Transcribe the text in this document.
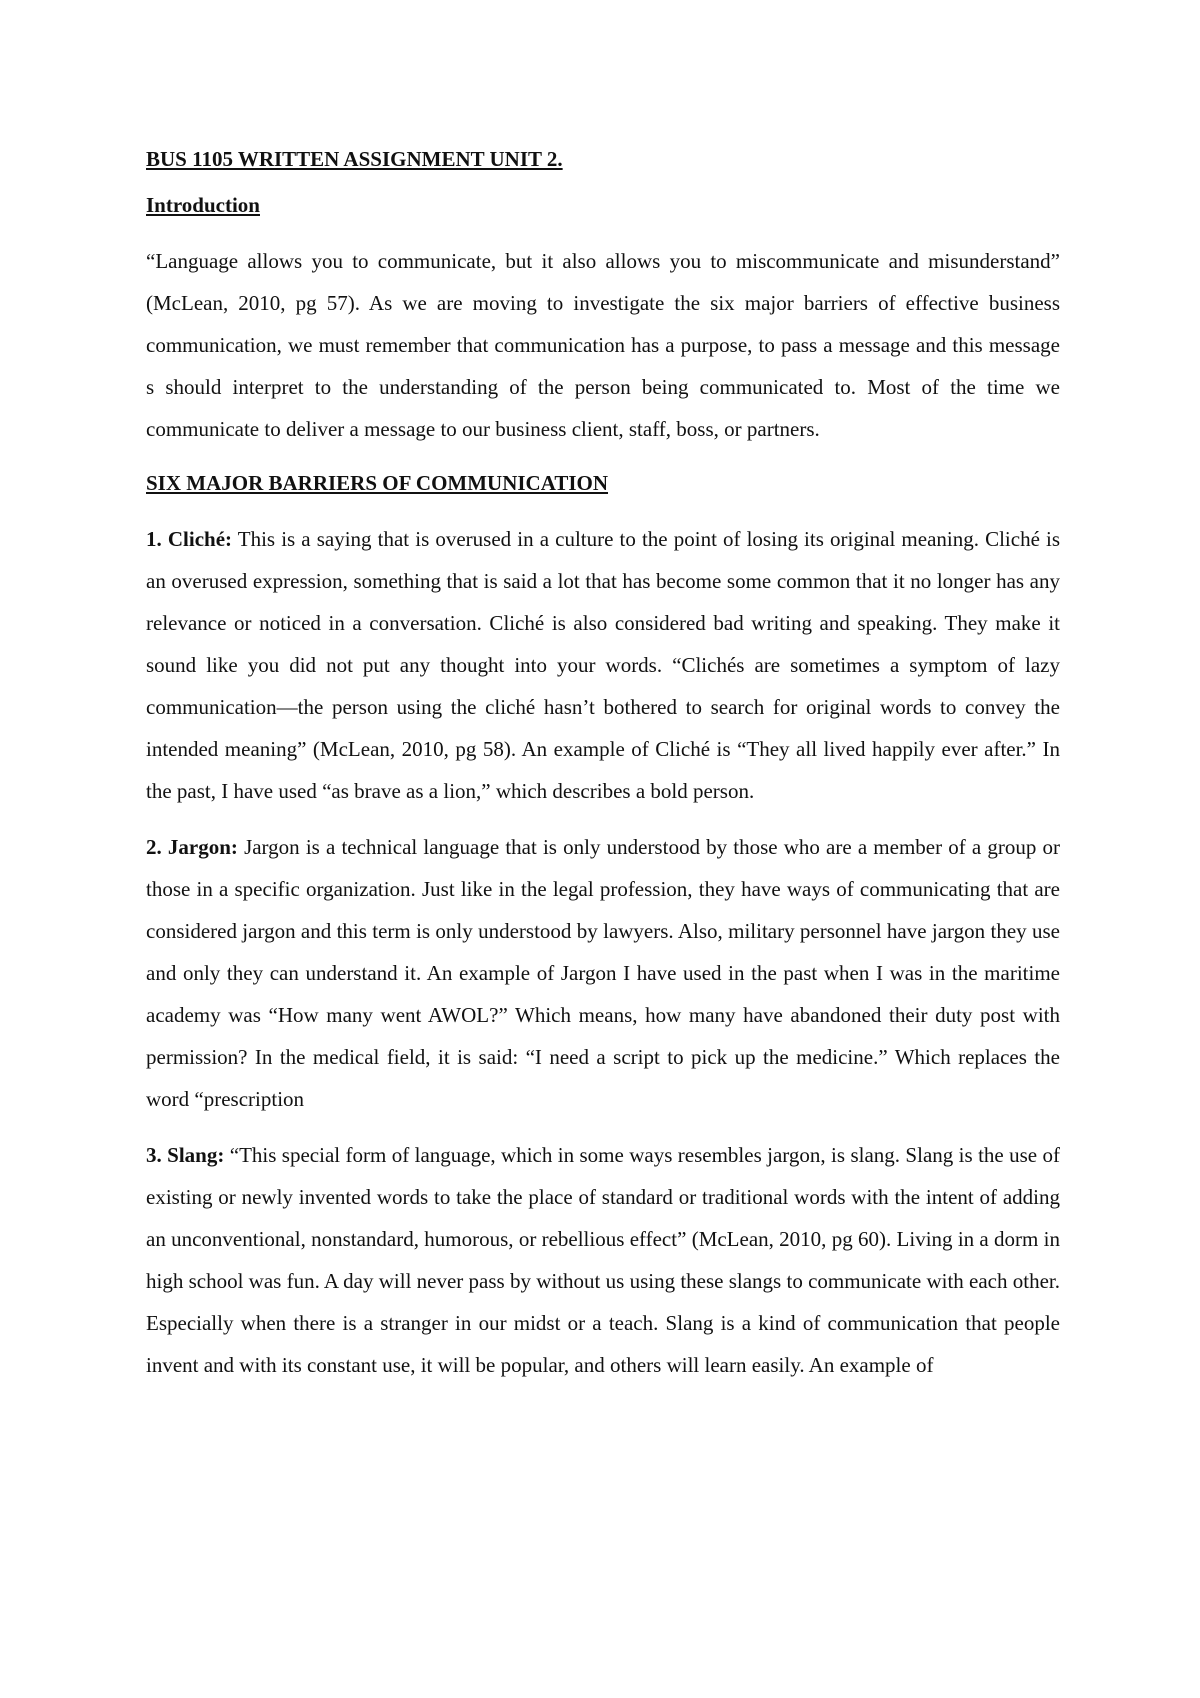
BUS 1105 WRITTEN ASSIGNMENT UNIT 2.

Introduction

“Language allows you to communicate, but it also allows you to miscommunicate and misunderstand” (McLean, 2010, pg 57). As we are moving to investigate the six major barriers of effective business communication, we must remember that communication has a purpose, to pass a message and this message s should interpret to the understanding of the person being communicated to. Most of the time we communicate to deliver a message to our business client, staff, boss, or partners.

SIX MAJOR BARRIERS OF COMMUNICATION

1. Cliché: This is a saying that is overused in a culture to the point of losing its original meaning. Cliché is an overused expression, something that is said a lot that has become some common that it no longer has any relevance or noticed in a conversation. Cliché is also considered bad writing and speaking. They make it sound like you did not put any thought into your words. “Clichés are sometimes a symptom of lazy communication—the person using the cliché hasn’t bothered to search for original words to convey the intended meaning” (McLean, 2010, pg 58). An example of Cliché is “They all lived happily ever after.” In the past, I have used “as brave as a lion,” which describes a bold person.

2. Jargon: Jargon is a technical language that is only understood by those who are a member of a group or those in a specific organization. Just like in the legal profession, they have ways of communicating that are considered jargon and this term is only understood by lawyers. Also, military personnel have jargon they use and only they can understand it. An example of Jargon I have used in the past when I was in the maritime academy was “How many went AWOL?” Which means, how many have abandoned their duty post with permission? In the medical field, it is said: “I need a script to pick up the medicine.” Which replaces the word “prescription

3. Slang: “This special form of language, which in some ways resembles jargon, is slang. Slang is the use of existing or newly invented words to take the place of standard or traditional words with the intent of adding an unconventional, nonstandard, humorous, or rebellious effect” (McLean, 2010, pg 60). Living in a dorm in high school was fun. A day will never pass by without us using these slangs to communicate with each other. Especially when there is a stranger in our midst or a teach. Slang is a kind of communication that people invent and with its constant use, it will be popular, and others will learn easily. An example of
